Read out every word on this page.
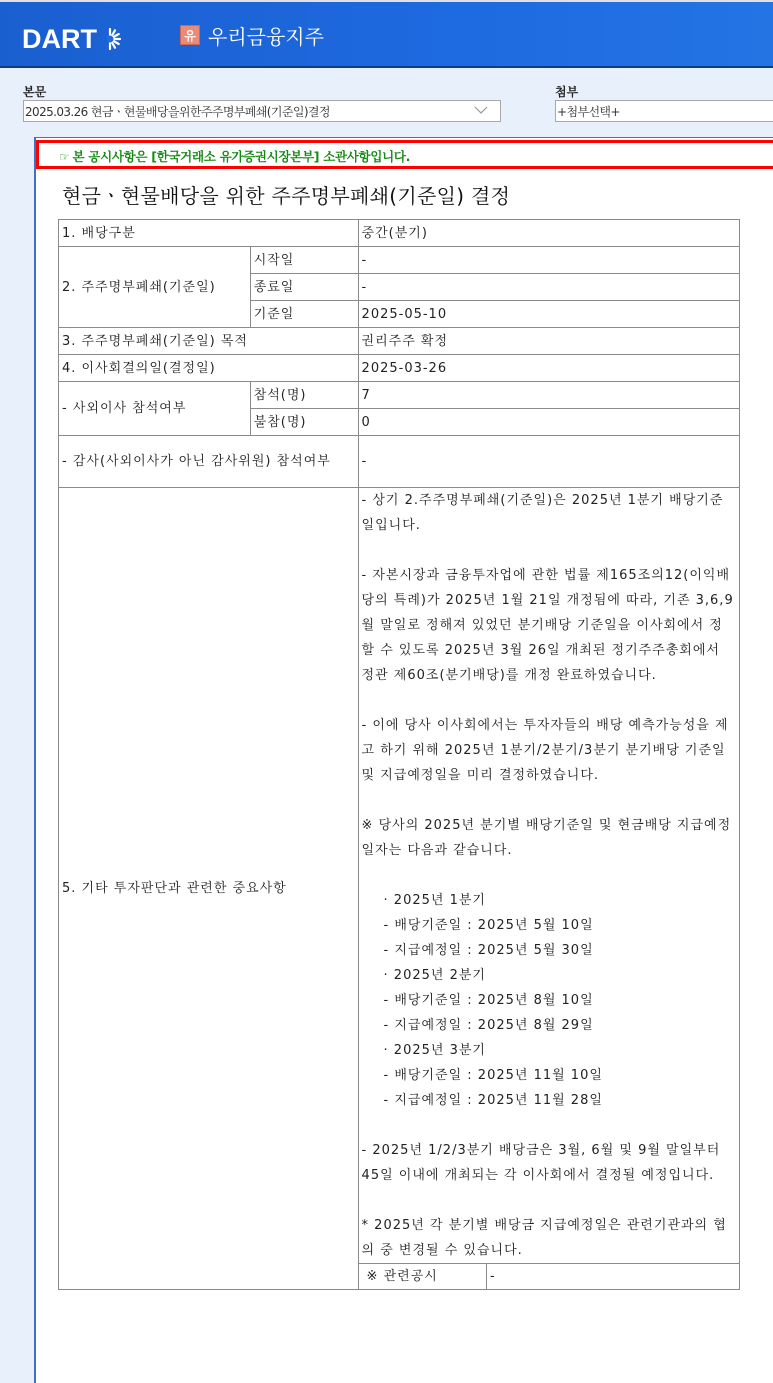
DART	유 우리금융지주
본문
2025.03.26 현금ㆍ현물배당을위한주주명부폐쇄(기준일)결정
첨부
+첨부선택+
☞ 본 공시사항은 [한국거래소 유가증권시장본부] 소관사항입니다.
현금ㆍ현물배당을 위한 주주명부폐쇄(기준일) 결정
1. 배당구분	중간(분기)
2. 주주명부폐쇄(기준일)	시작일	-
종료일	-
기준일	2025-05-10
3. 주주명부폐쇄(기준일) 목적	권리주주 확정
4. 이사회결의일(결정일)	2025-03-26
- 사외이사 참석여부	참석(명)	7
불참(명)	0
- 감사(사외이사가 아닌 감사위원) 참석여부	-
5. 기타 투자판단과 관련한 중요사항	
- 상기 2.주주명부폐쇄(기준일)은 2025년 1분기 배당기준일입니다.
- 자본시장과 금융투자업에 관한 법률 제165조의12(이익배당의 특례)가 2025년 1월 21일 개정됨에 따라, 기존 3,6,9월 말일로 정해져 있었던 분기배당 기준일을 이사회에서 정할 수 있도록 2025년 3월 26일 개최된 정기주주총회에서 정관 제60조(분기배당)를 개정 완료하였습니다.
- 이에 당사 이사회에서는 투자자들의 배당 예측가능성을 제고 하기 위해 2025년 1분기/2분기/3분기 분기배당 기준일 및 지급예정일을 미리 결정하였습니다.
※ 당사의 2025년 분기별 배당기준일 및 현금배당 지급예정일자는 다음과 같습니다.
· 2025년 1분기
- 배당기준일 : 2025년 5월 10일
- 지급예정일 : 2025년 5월 30일
· 2025년 2분기
- 배당기준일 : 2025년 8월 10일
- 지급예정일 : 2025년 8월 29일
· 2025년 3분기
- 배당기준일 : 2025년 11월 10일
- 지급예정일 : 2025년 11월 28일
- 2025년 1/2/3분기 배당금은 3월, 6월 및 9월 말일부터 45일 이내에 개최되는 각 이사회에서 결정될 예정입니다.
* 2025년 각 분기별 배당금 지급예정일은 관련기관과의 협의 중 변경될 수 있습니다.

※ 관련공시	-
